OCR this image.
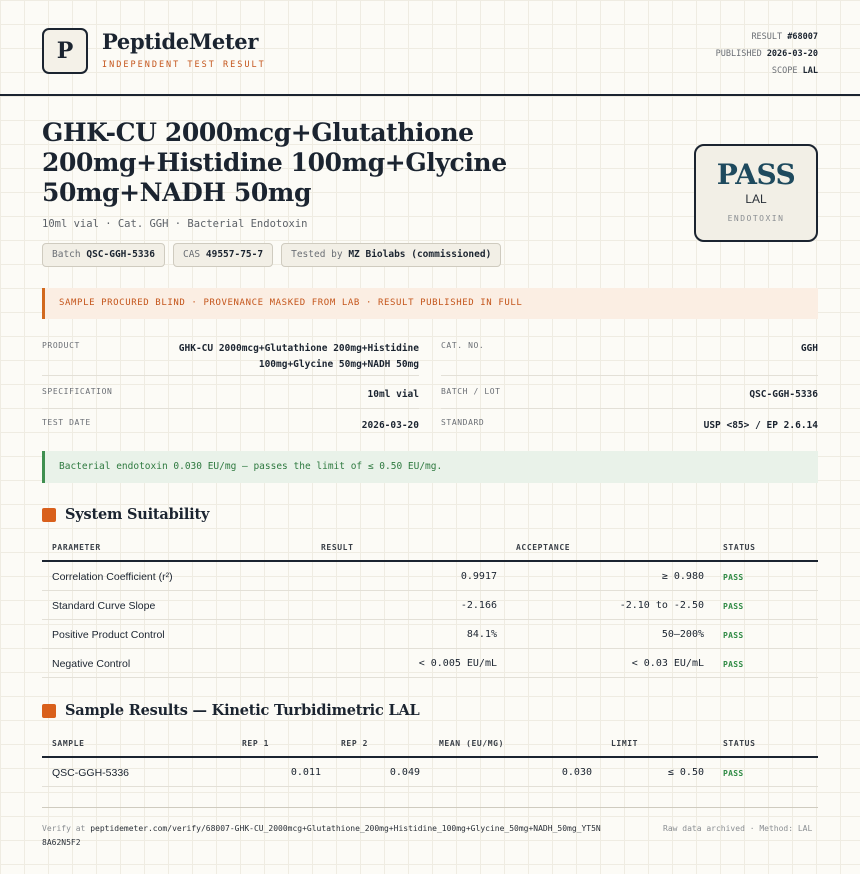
P	PeptideMeter
INDEPENDENT TEST RESULT
RESULT #68007
PUBLISHED 2026-03-20
SCOPE LAL
GHK-CU 2000mcg+Glutathione 200mg+Histidine 100mg+Glycine 50mg+NADH 50mg
10ml vial · Cat. GGH · Bacterial Endotoxin
Batch QSC-GGH-5336	CAS 49557-75-7	Tested by MZ Biolabs (commissioned)
PASS
LAL
ENDOTOXIN
SAMPLE PROCURED BLIND · PROVENANCE MASKED FROM LAB · RESULT PUBLISHED IN FULL
PRODUCT	GHK-CU 2000mcg+Glutathione 200mg+Histidine 100mg+Glycine 50mg+NADH 50mg
SPECIFICATION	10ml vial
TEST DATE	2026-03-20
CAT. NO.	GGH
BATCH / LOT	QSC-GGH-5336
STANDARD	USP <85> / EP 2.6.14
Bacterial endotoxin 0.030 EU/mg — passes the limit of ≤ 0.50 EU/mg.
System Suitability
PARAMETER	RESULT	ACCEPTANCE	STATUS
Correlation Coefficient (r²)	0.9917	≥ 0.980 PASS
Standard Curve Slope	-2.166	-2.10 to -2.50 PASS
Positive Product Control	84.1%	50–200% PASS
Negative Control	< 0.005 EU/mL	< 0.03 EU/mL PASS
Sample Results — Kinetic Turbidimetric LAL
SAMPLE	REP 1	REP 2	MEAN (EU/MG)	LIMIT	STATUS
QSC-GGH-5336	0.011	0.049	0.030	≤ 0.50 PASS
Verify at peptidemeter.com/verify/68007-GHK-CU_2000mcg+Glutathione_200mg+Histidine_100mg+Glycine_50mg+NADH_50mg_YT5N8A62N5F2
Raw data archived · Method: LAL
